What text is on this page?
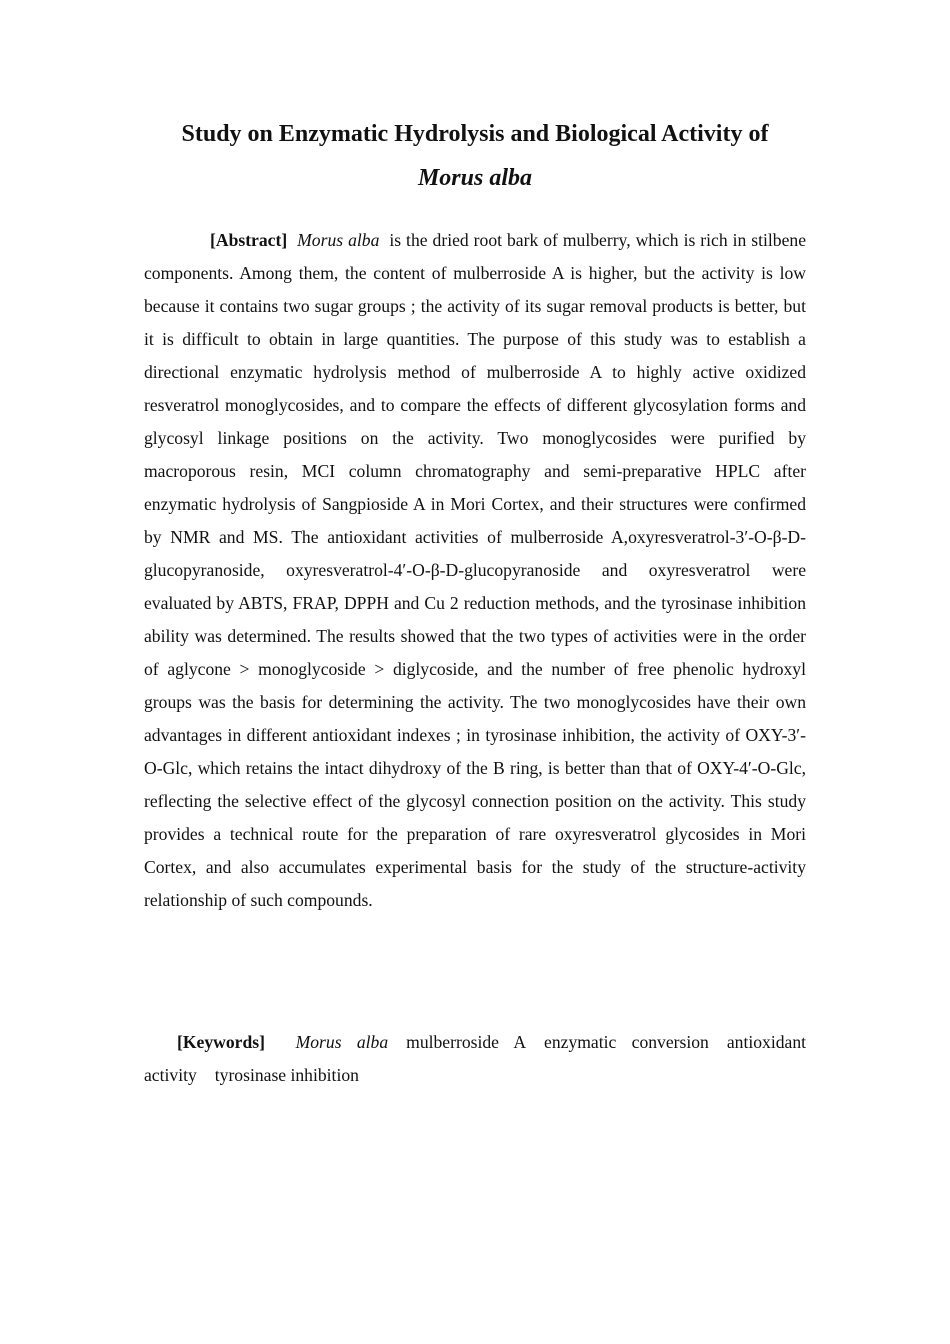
Study on Enzymatic Hydrolysis and Biological Activity of
Morus alba

[Abstract] Morus alba is the dried root bark of mulberry, which is rich in stilbene components. Among them, the content of mulberroside A is higher, but the activity is low because it contains two sugar groups ; the activity of its sugar removal products is better, but it is difficult to obtain in large quantities. The purpose of this study was to establish a directional enzymatic hydrolysis method of mulberroside A to highly active oxidized resveratrol monoglycosides, and to compare the effects of different glycosylation forms and glycosyl linkage positions on the activity. Two monoglycosides were purified by macroporous resin, MCI column chromatography and semi-preparative HPLC after enzymatic hydrolysis of Sangpioside A in Mori Cortex, and their structures were confirmed by NMR and MS. The antioxidant activities of mulberroside A,oxyresveratrol-3′-O-β-D-glucopyranoside, oxyresveratrol-4′-O-β-D-glucopyranoside and oxyresveratrol were evaluated by ABTS, FRAP, DPPH and Cu 2 reduction methods, and the tyrosinase inhibition ability was determined. The results showed that the two types of activities were in the order of aglycone > monoglycoside > diglycoside, and the number of free phenolic hydroxyl groups was the basis for determining the activity. The two monoglycosides have their own advantages in different antioxidant indexes ; in tyrosinase inhibition, the activity of OXY-3′-O-Glc, which retains the intact dihydroxy of the B ring, is better than that of OXY-4′-O-Glc, reflecting the selective effect of the glycosyl connection position on the activity. This study provides a technical route for the preparation of rare oxyresveratrol glycosides in Mori Cortex, and also accumulates experimental basis for the study of the structure-activity relationship of such compounds.

[Keywords] Morus alba mulberroside A enzymatic conversion antioxidant activity tyrosinase inhibition
